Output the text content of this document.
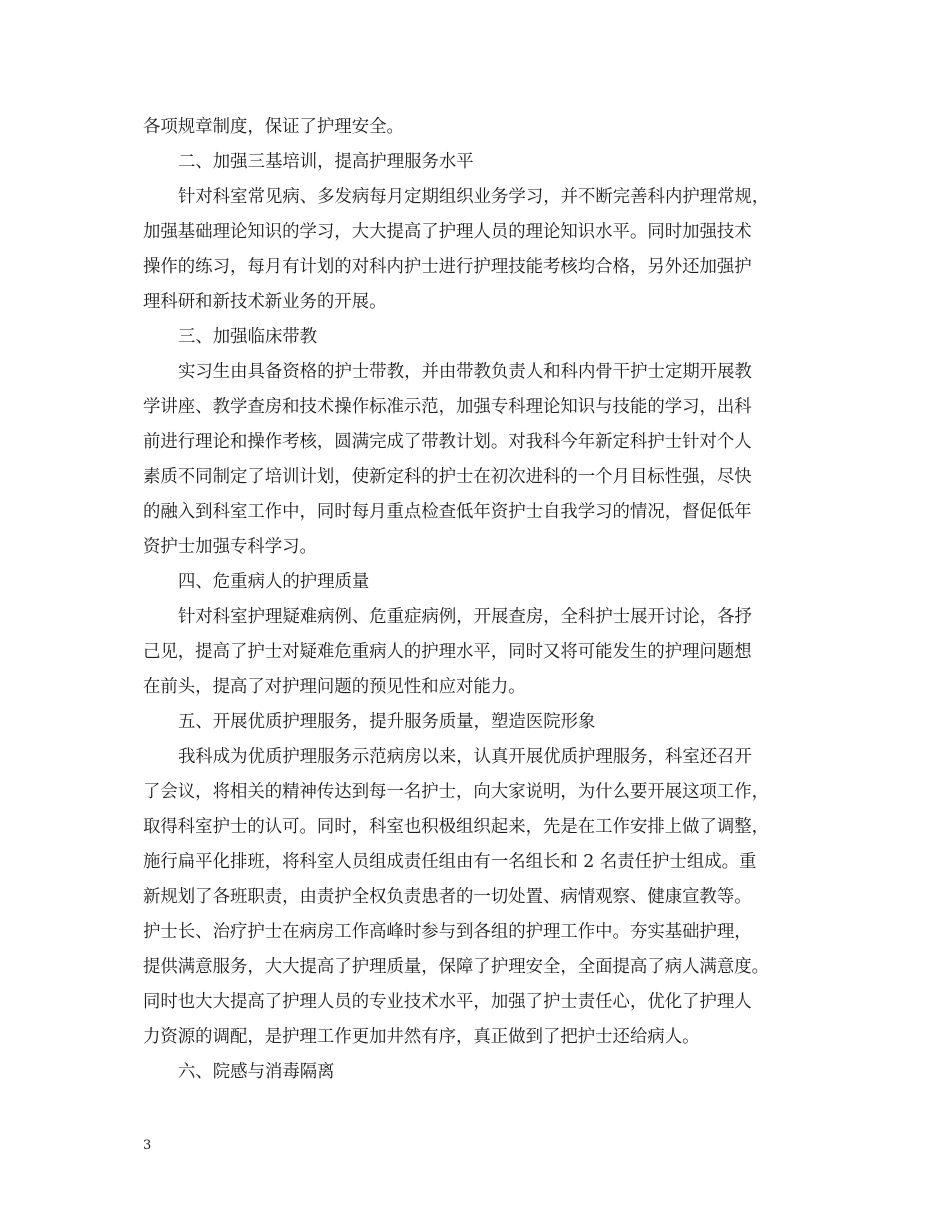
各项规章制度，保证了护理安全。
二、加强三基培训，提高护理服务水平
针对科室常见病、多发病每月定期组织业务学习，并不断完善科内护理常规，
加强基础理论知识的学习，大大提高了护理人员的理论知识水平。同时加强技术
操作的练习，每月有计划的对科内护士进行护理技能考核均合格，另外还加强护
理科研和新技术新业务的开展。
三、加强临床带教
实习生由具备资格的护士带教，并由带教负责人和科内骨干护士定期开展教
学讲座、教学查房和技术操作标准示范，加强专科理论知识与技能的学习，出科
前进行理论和操作考核，圆满完成了带教计划。对我科今年新定科护士针对个人
素质不同制定了培训计划，使新定科的护士在初次进科的一个月目标性强，尽快
的融入到科室工作中，同时每月重点检查低年资护士自我学习的情况，督促低年
资护士加强专科学习。
四、危重病人的护理质量
针对科室护理疑难病例、危重症病例，开展查房，全科护士展开讨论，各抒
己见，提高了护士对疑难危重病人的护理水平，同时又将可能发生的护理问题想
在前头，提高了对护理问题的预见性和应对能力。
五、开展优质护理服务，提升服务质量，塑造医院形象
我科成为优质护理服务示范病房以来，认真开展优质护理服务，科室还召开
了会议，将相关的精神传达到每一名护士，向大家说明，为什么要开展这项工作，
取得科室护士的认可。同时，科室也积极组织起来，先是在工作安排上做了调整，
施行扁平化排班，将科室人员组成责任组由有一名组长和 2 名责任护士组成。重
新规划了各班职责，由责护全权负责患者的一切处置、病情观察、健康宣教等。
护士长、治疗护士在病房工作高峰时参与到各组的护理工作中。夯实基础护理，
提供满意服务，大大提高了护理质量，保障了护理安全，全面提高了病人满意度。
同时也大大提高了护理人员的专业技术水平，加强了护士责任心，优化了护理人
力资源的调配，是护理工作更加井然有序，真正做到了把护士还给病人。
六、院感与消毒隔离
3
